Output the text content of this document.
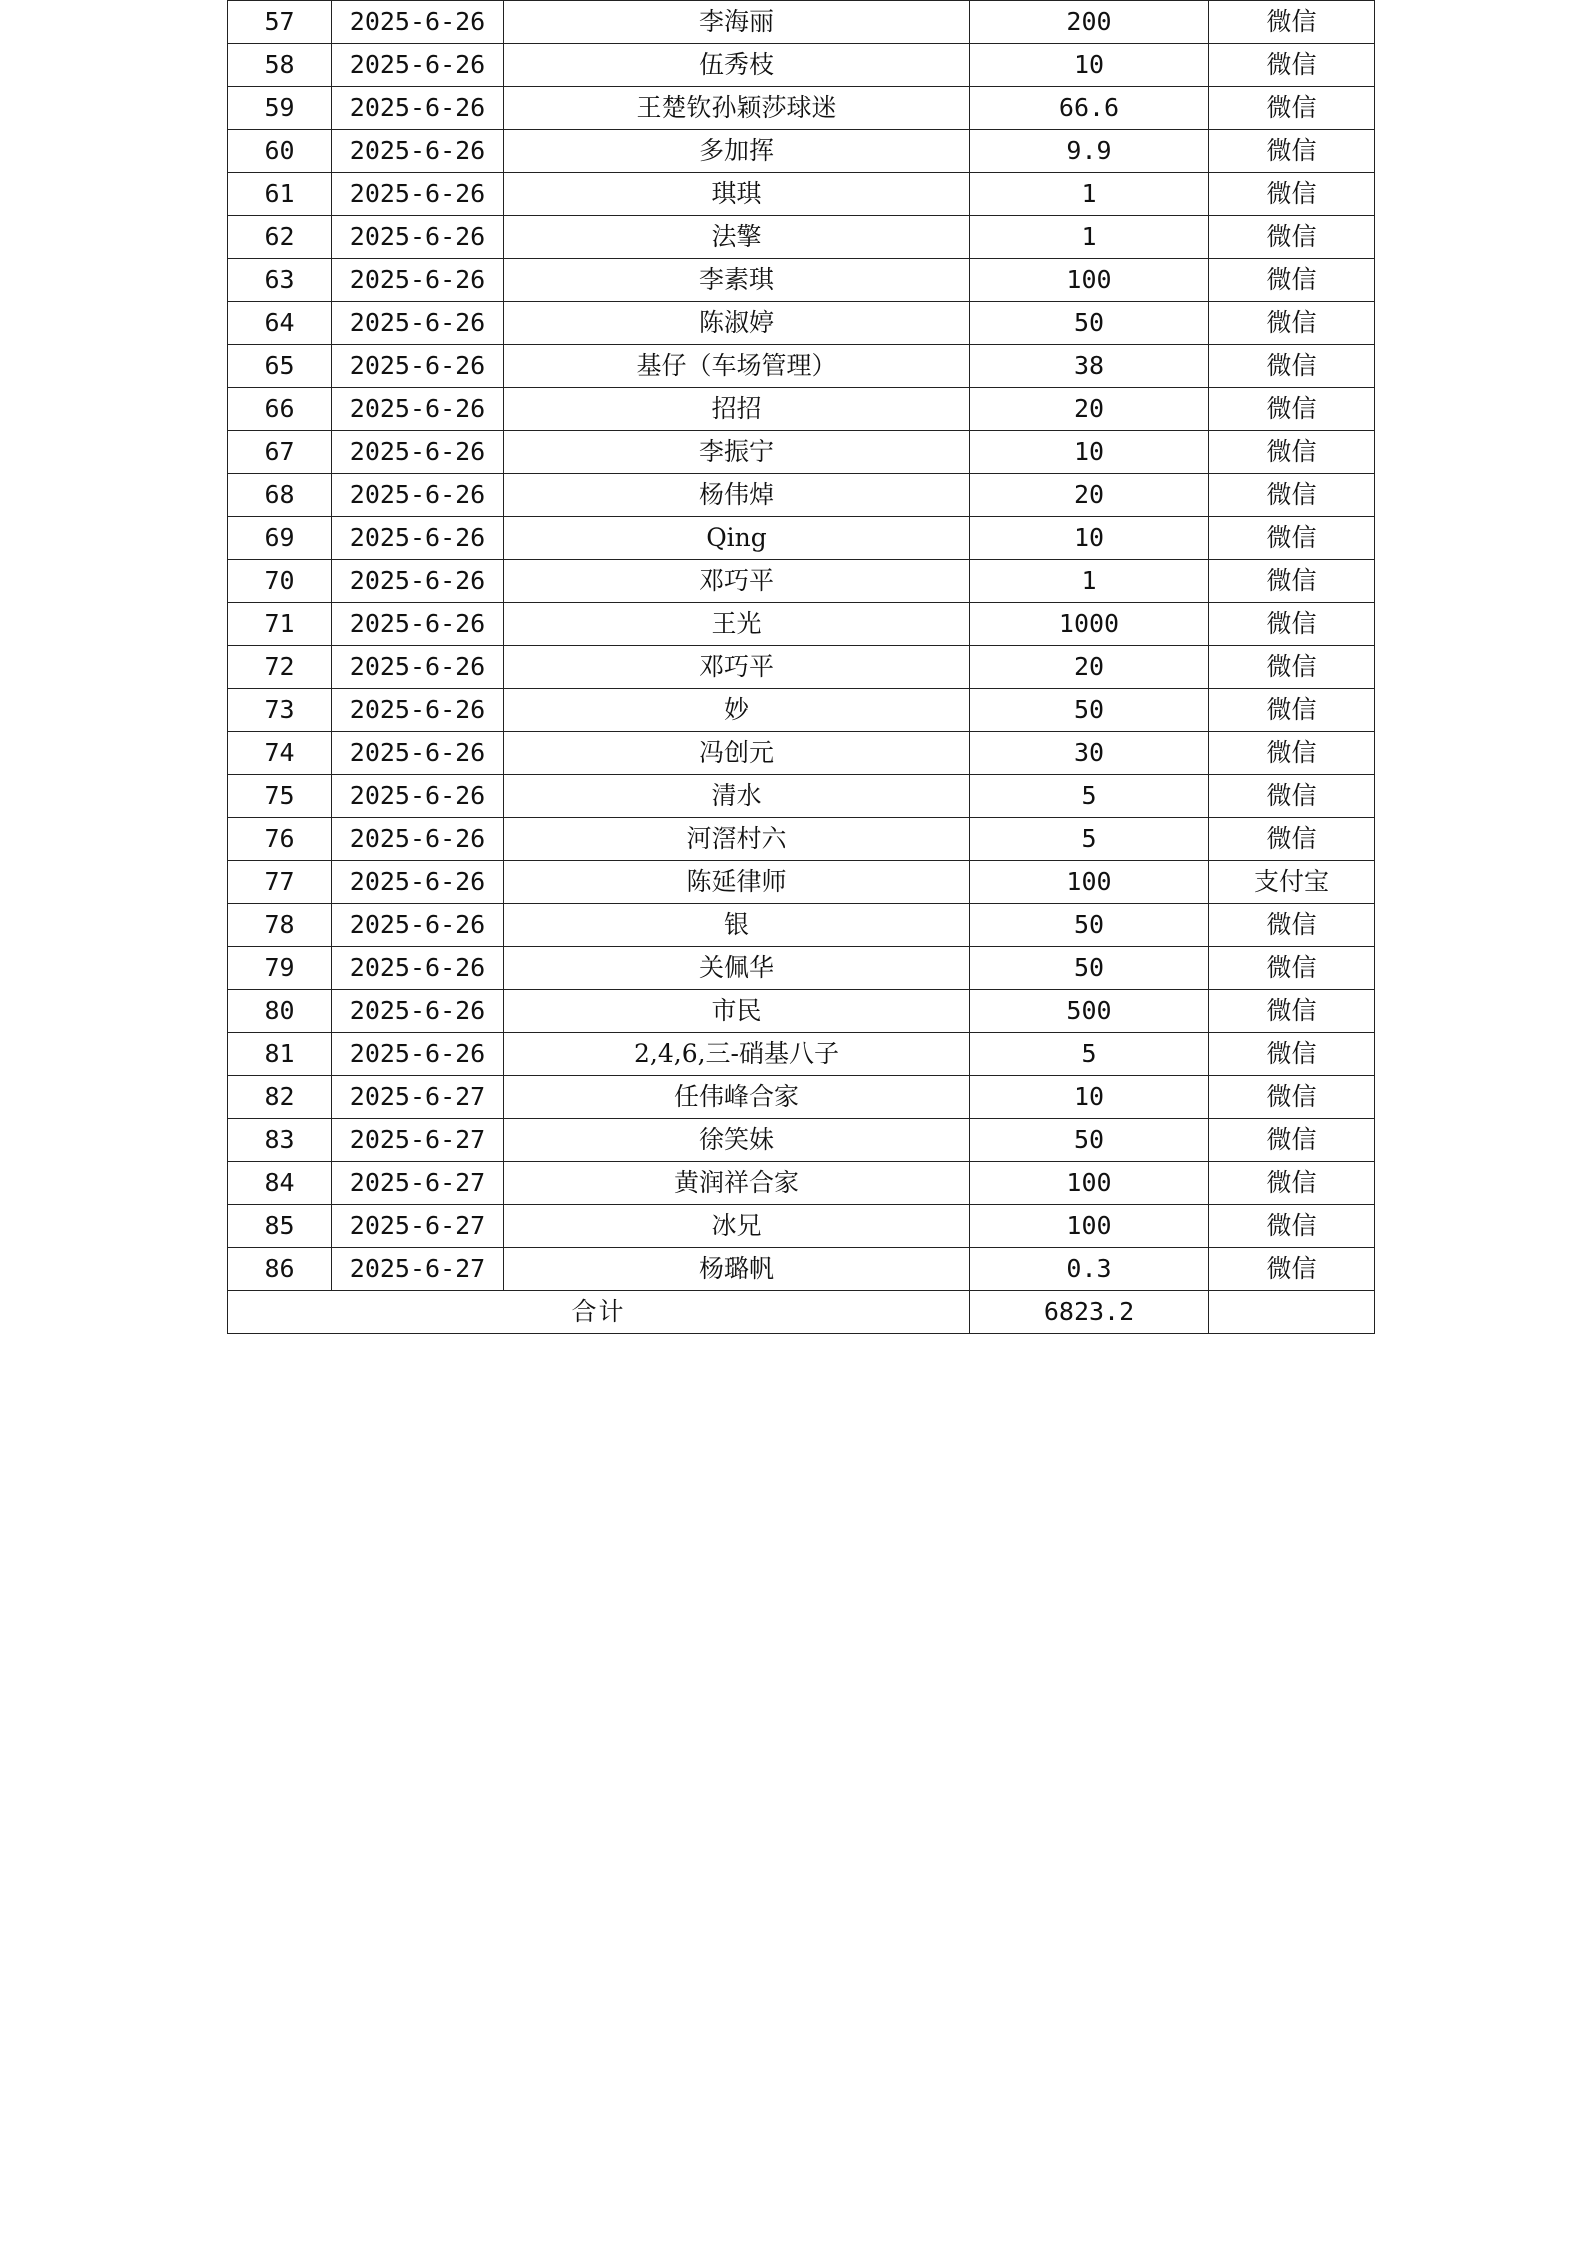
57	2025-6-26	李海丽	200	微信
58	2025-6-26	伍秀枝	10	微信
59	2025-6-26	王楚钦孙颖莎球迷	66.6	微信
60	2025-6-26	多加挥	9.9	微信
61	2025-6-26	琪琪	1	微信
62	2025-6-26	法擎	1	微信
63	2025-6-26	李素琪	100	微信
64	2025-6-26	陈淑婷	50	微信
65	2025-6-26	基仔（车场管理）	38	微信
66	2025-6-26	招招	20	微信
67	2025-6-26	李振宁	10	微信
68	2025-6-26	杨伟焯	20	微信
69	2025-6-26	Qing	10	微信
70	2025-6-26	邓巧平	1	微信
71	2025-6-26	王光	1000	微信
72	2025-6-26	邓巧平	20	微信
73	2025-6-26	妙	50	微信
74	2025-6-26	冯创元	30	微信
75	2025-6-26	清水	5	微信
76	2025-6-26	河滘村六	5	微信
77	2025-6-26	陈延律师	100	支付宝
78	2025-6-26	银	50	微信
79	2025-6-26	关佩华	50	微信
80	2025-6-26	市民	500	微信
81	2025-6-26	2,4,6,三-硝基八子	5	微信
82	2025-6-27	任伟峰合家	10	微信
83	2025-6-27	徐笑妹	50	微信
84	2025-6-27	黄润祥合家	100	微信
85	2025-6-27	冰兄	100	微信
86	2025-6-27	杨璐帆	0.3	微信
合计			6823.2	
